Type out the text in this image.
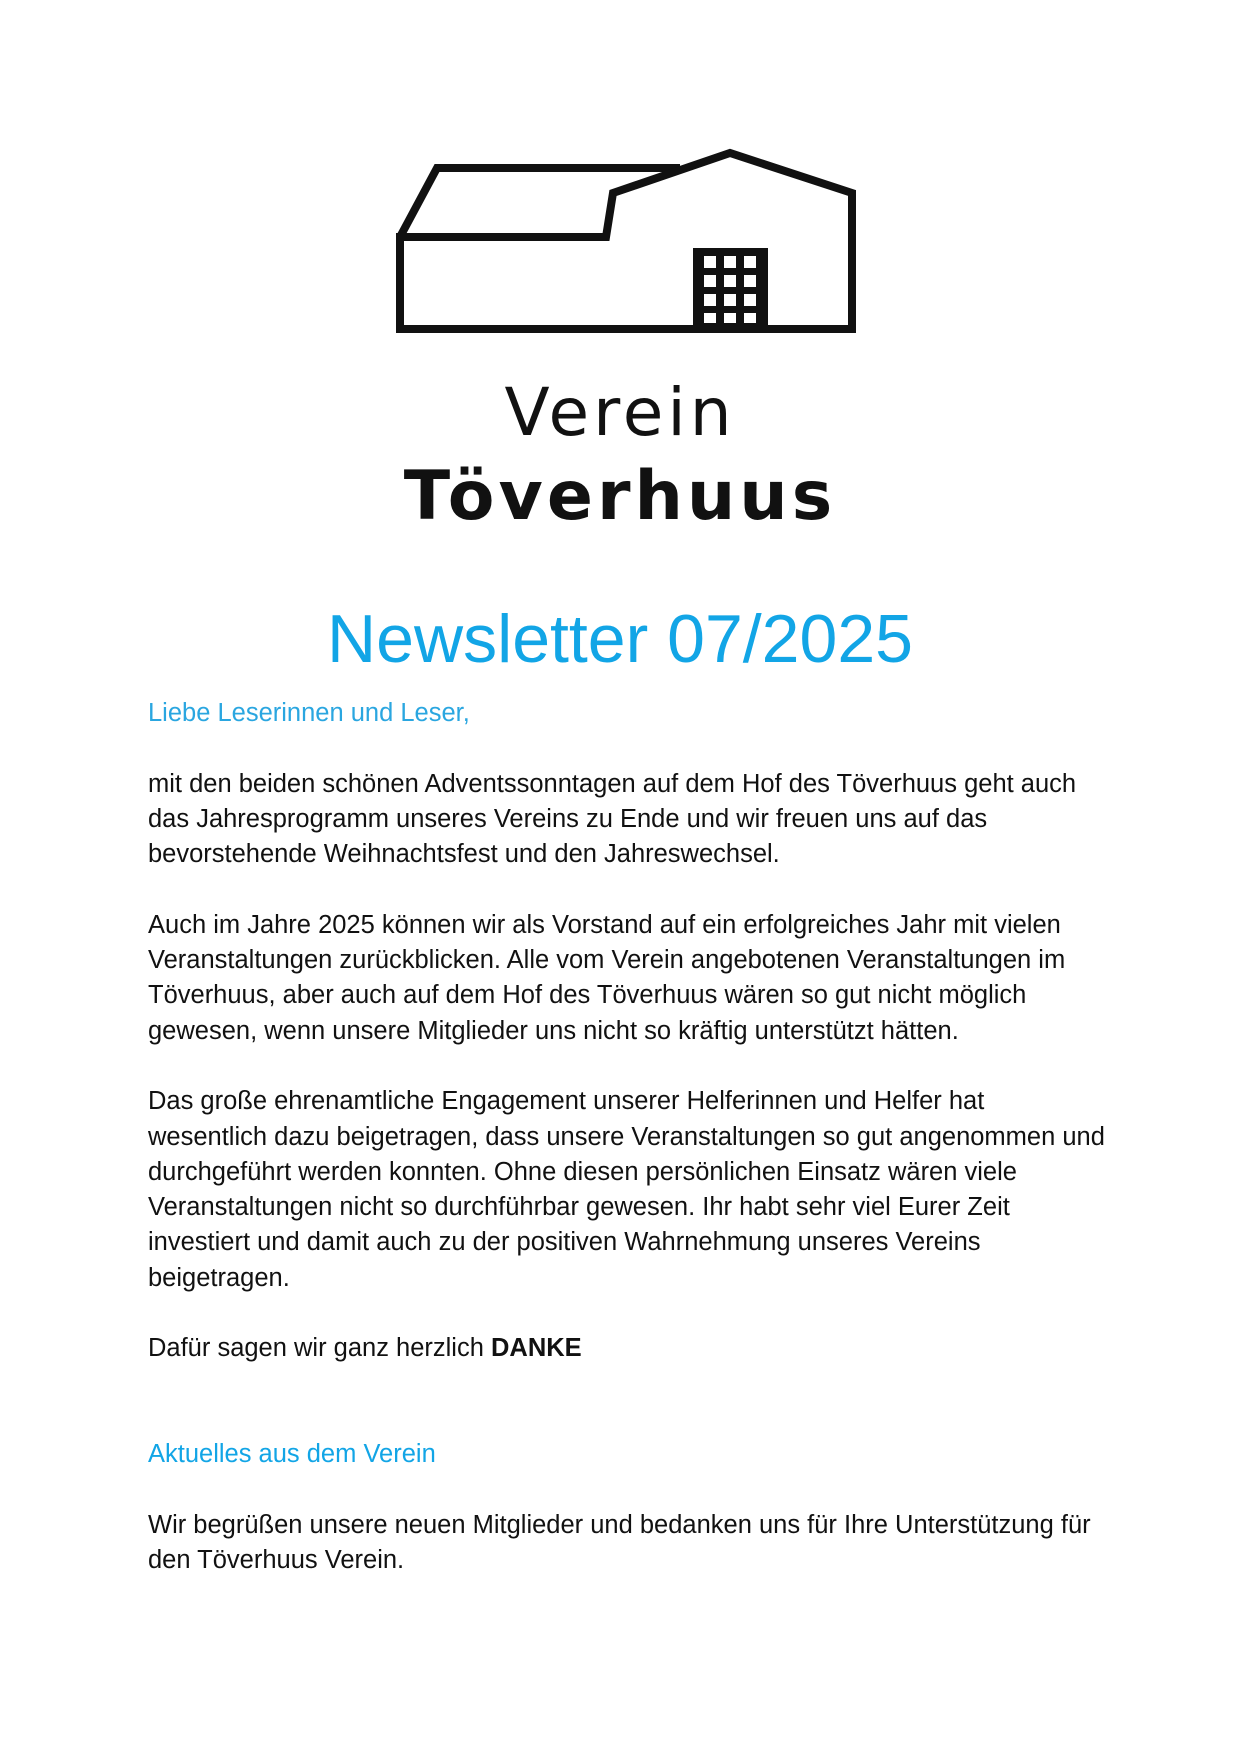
Verein
Töverhuus
Newsletter 07/2025

Liebe Leserinnen und Leser,

mit den beiden schönen Adventssonntagen auf dem Hof des Töverhuus geht auch das Jahresprogramm unseres Vereins zu Ende und wir freuen uns auf das bevorstehende Weihnachtsfest und den Jahreswechsel.

Auch im Jahre 2025 können wir als Vorstand auf ein erfolgreiches Jahr mit vielen Veranstaltungen zurückblicken. Alle vom Verein angebotenen Veranstaltungen im Töverhuus, aber auch auf dem Hof des Töverhuus wären so gut nicht möglich gewesen, wenn unsere Mitglieder uns nicht so kräftig unterstützt hätten.

Das große ehrenamtliche Engagement unserer Helferinnen und Helfer hat wesentlich dazu beigetragen, dass unsere Veranstaltungen so gut angenommen und durchgeführt werden konnten. Ohne diesen persönlichen Einsatz wären viele Veranstaltungen nicht so durchführbar gewesen. Ihr habt sehr viel Eurer Zeit investiert und damit auch zu der positiven Wahrnehmung unseres Vereins beigetragen.

Dafür sagen wir ganz herzlich DANKE

Aktuelles aus dem Verein

Wir begrüßen unsere neuen Mitglieder und bedanken uns für Ihre Unterstützung für den Töverhuus Verein.
